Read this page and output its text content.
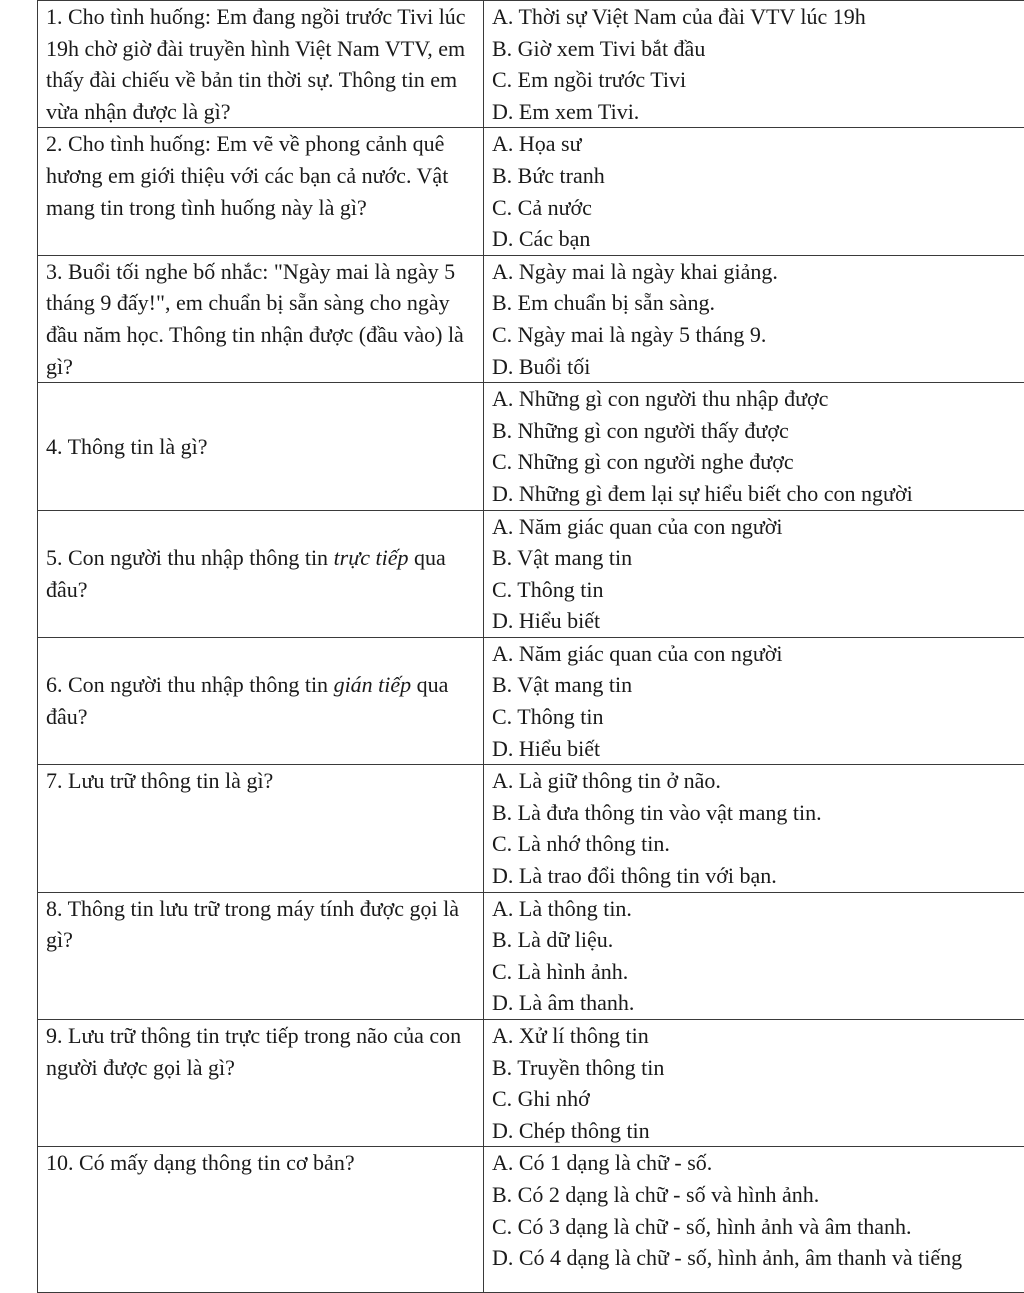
1. Cho tình huống: Em đang ngồi trước Tivi lúc 19h chờ giờ đài truyền hình Việt Nam VTV, em thấy đài chiếu về bản tin thời sự. Thông tin em vừa nhận được là gì?	A. Thời sự Việt Nam của đài VTV lúc 19h
B. Giờ xem Tivi bắt đầu
C. Em ngồi trước Tivi
D. Em xem Tivi.

2. Cho tình huống: Em vẽ về phong cảnh quê hương em giới thiệu với các bạn cả nước. Vật mang tin trong tình huống này là gì?	A. Họa sư
B. Bức tranh
C. Cả nước
D. Các bạn

3. Buổi tối nghe bố nhắc: "Ngày mai là ngày 5 tháng 9 đấy!", em chuẩn bị sẵn sàng cho ngày đầu năm học. Thông tin nhận được (đầu vào) là gì?	A. Ngày mai là ngày khai giảng.
B. Em chuẩn bị sẵn sàng.
C. Ngày mai là ngày 5 tháng 9.
D. Buổi tối

4. Thông tin là gì?	A. Những gì con người thu nhập được
B. Những gì con người thấy được
C. Những gì con người nghe được
D. Những gì đem lại sự hiểu biết cho con người

5. Con người thu nhập thông tin trực tiếp qua đâu?	A. Năm giác quan của con người
B. Vật mang tin
C. Thông tin
D. Hiểu biết

6. Con người thu nhập thông tin gián tiếp qua đâu?	A. Năm giác quan của con người
B. Vật mang tin
C. Thông tin
D. Hiểu biết

7. Lưu trữ thông tin là gì?	A. Là giữ thông tin ở não.
B. Là đưa thông tin vào vật mang tin.
C. Là nhớ thông tin.
D. Là trao đổi thông tin với bạn.

8. Thông tin lưu trữ trong máy tính được gọi là gì?	A. Là thông tin.
B. Là dữ liệu.
C. Là hình ảnh.
D. Là âm thanh.

9. Lưu trữ thông tin trực tiếp trong não của con người được gọi là gì?	A. Xử lí thông tin
B. Truyền thông tin
C. Ghi nhớ
D. Chép thông tin

10. Có mấy dạng thông tin cơ bản?	A. Có 1 dạng là chữ - số.
B. Có 2 dạng là chữ - số và hình ảnh.
C. Có 3 dạng là chữ - số, hình ảnh và âm thanh.
D. Có 4 dạng là chữ - số, hình ảnh, âm thanh và tiếng
